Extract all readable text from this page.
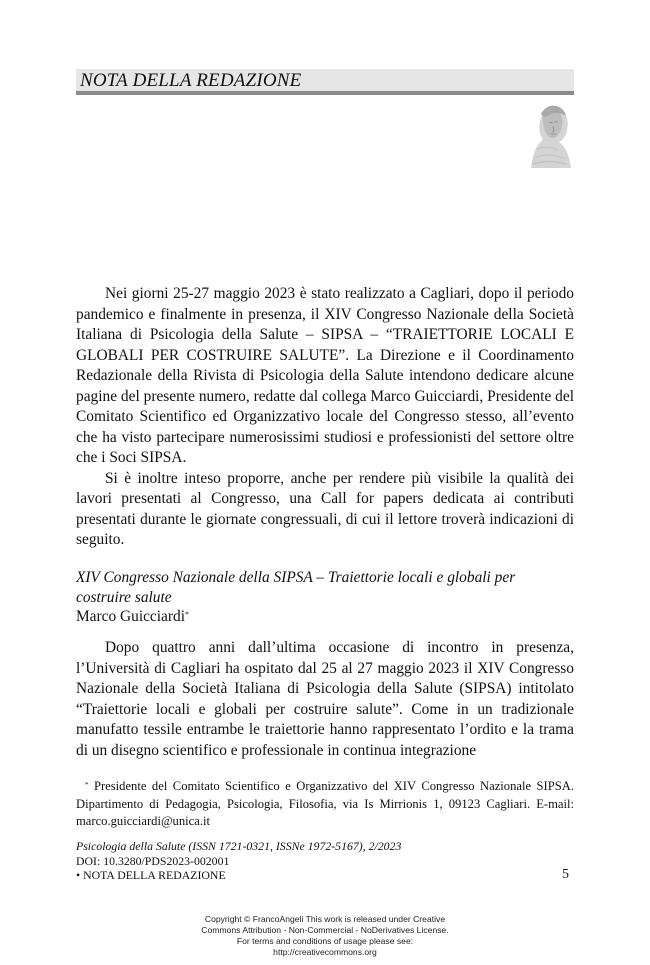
NOTA DELLA REDAZIONE

Nei giorni 25-27 maggio 2023 è stato realizzato a Cagliari, dopo il periodo pandemico e finalmente in presenza, il XIV Congresso Nazionale della Società Italiana di Psicologia della Salute – SIPSA – “TRAIETTORIE LOCALI E GLOBALI PER COSTRUIRE SALUTE”. La Direzione e il Coordinamento Redazionale della Rivista di Psicologia della Salute intendono dedicare alcune pagine del presente numero, redatte dal collega Marco Guicciardi, Presidente del Comitato Scientifico ed Organizzativo locale del Congresso stesso, all’evento che ha visto partecipare numerosissimi studiosi e professionisti del settore oltre che i Soci SIPSA.

Si è inoltre inteso proporre, anche per rendere più visibile la qualità dei lavori presentati al Congresso, una Call for papers dedicata ai contributi presentati durante le giornate congressuali, di cui il lettore troverà indicazioni di seguito.

XIV Congresso Nazionale della SIPSA – Traiettorie locali e globali per costruire salute
Marco Guicciardi*

Dopo quattro anni dall’ultima occasione di incontro in presenza, l’Università di Cagliari ha ospitato dal 25 al 27 maggio 2023 il XIV Congresso Nazionale della Società Italiana di Psicologia della Salute (SIPSA) intitolato “Traiettorie locali e globali per costruire salute”. Come in un tradizionale manufatto tessile entrambe le traiettorie hanno rappresentato l’ordito e la trama di un disegno scientifico e professionale in continua integrazione

* Presidente del Comitato Scientifico e Organizzativo del XIV Congresso Nazionale SIPSA. Dipartimento di Pedagogia, Psicologia, Filosofia, via Is Mirrionis 1, 09123 Cagliari. E-mail: marco.guicciardi@unica.it

Psicologia della Salute (ISSN 1721-0321, ISSNe 1972-5167), 2/2023
DOI: 10.3280/PDS2023-002001
• NOTA DELLA REDAZIONE	5
Copyright © FrancoAngeli This work is released under Creative
Commons Attribution - Non-Commercial - NoDerivatives License.
For terms and conditions of usage please see:
http://creativecommons.org
